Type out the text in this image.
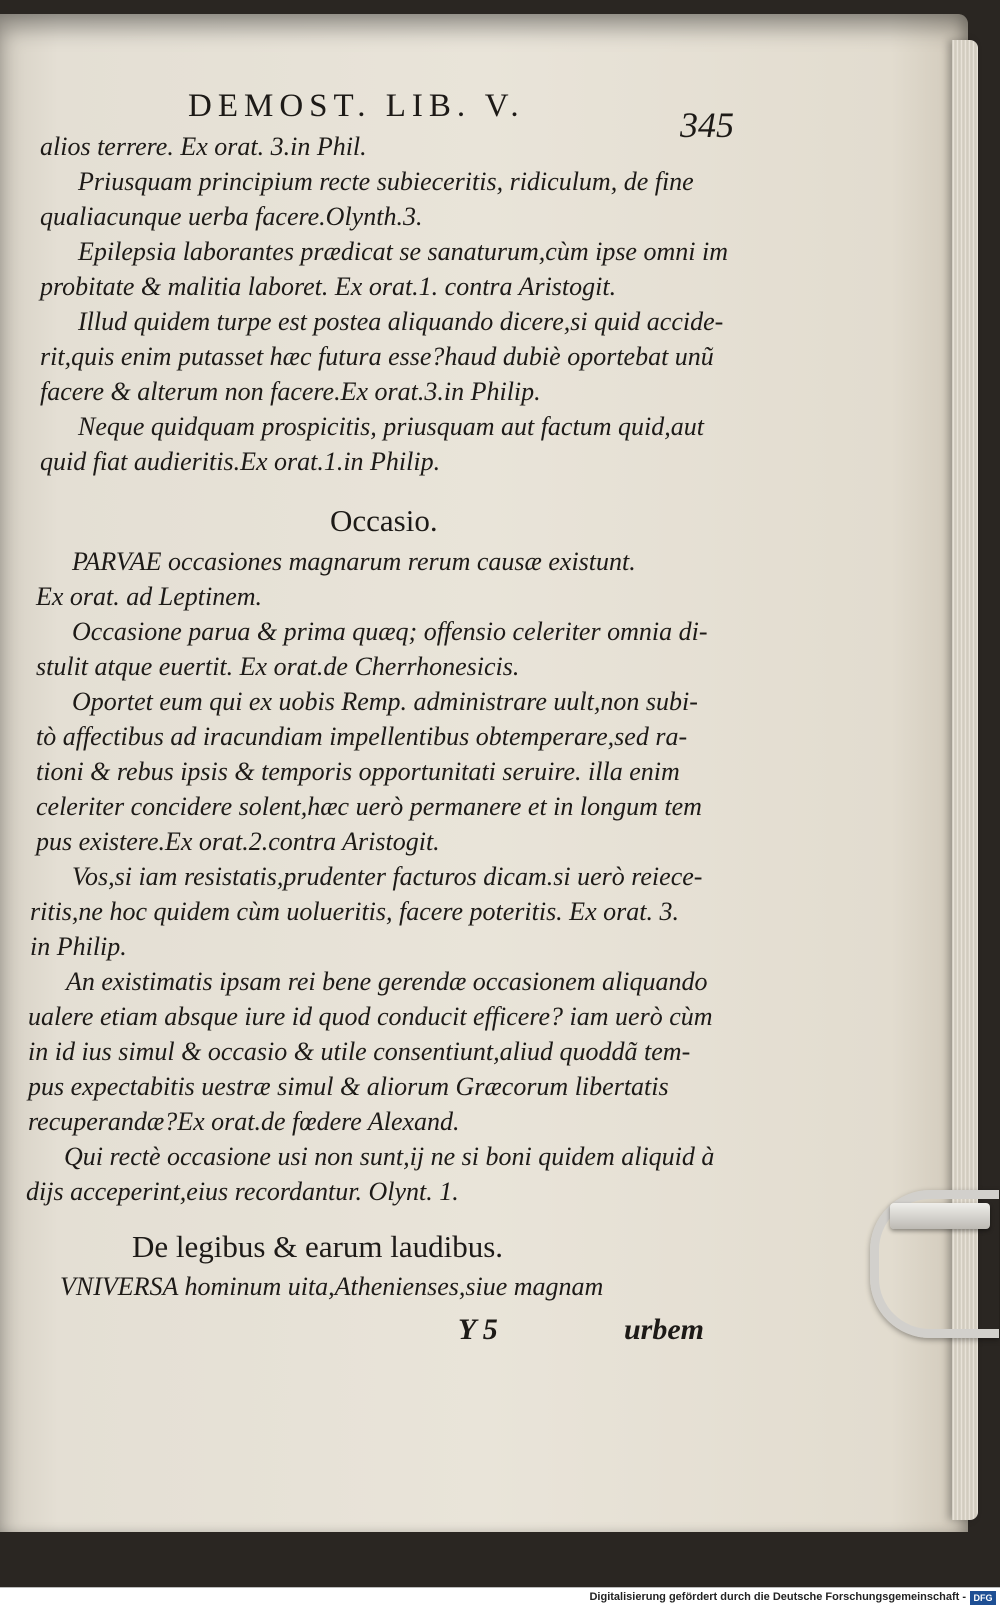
DEMOST. LIB. V.	345
alios terrere. Ex orat. 3.in Phil.
Priusquam principium recte subieceritis, ridiculum, de fine
qualiacunque uerba facere.Olynth.3.
Epilepsia laborantes prædicat se sanaturum,cùm ipse omni im
probitate & malitia laboret. Ex orat.1. contra Aristogit.
Illud quidem turpe est postea aliquando dicere,si quid accide-
rit,quis enim putasset hæc futura esse?haud dubiè oportebat unũ
facere & alterum non facere.Ex orat.3.in Philip.
Neque quidquam prospicitis, priusquam aut factum quid,aut
quid fiat audieritis.Ex orat.1.in Philip.
Occasio.
PARVAE occasiones magnarum rerum causæ existunt.
Ex orat. ad Leptinem.
Occasione parua & prima quæq; offensio celeriter omnia di-
stulit atque euertit. Ex orat.de Cherrhonesicis.
Oportet eum qui ex uobis Remp. administrare uult,non subi-
tò affectibus ad iracundiam impellentibus obtemperare,sed ra-
tioni & rebus ipsis & temporis opportunitati seruire. illa enim
celeriter concidere solent,hæc uerò permanere et in longum tem
pus existere.Ex orat.2.contra Aristogit.
Vos,si iam resistatis,prudenter facturos dicam.si uerò reiece-
ritis,ne hoc quidem cùm uolueritis, facere poteritis. Ex orat. 3.
in Philip.
An existimatis ipsam rei bene gerendæ occasionem aliquando
ualere etiam absque iure id quod conducit efficere? iam uerò cùm
in id ius simul & occasio & utile consentiunt,aliud quoddã tem-
pus expectabitis uestræ simul & aliorum Græcorum libertatis
recuperandæ?Ex orat.de fœdere Alexand.
Qui rectè occasione usi non sunt,ij ne si boni quidem aliquid à
dijs acceperint,eius recordantur. Olynt. 1.
De legibus & earum laudibus.
VNIVERSA hominum uita,Athenienses,siue magnam
Y 5	urbem
Digitalisierung gefördert durch die Deutsche Forschungsgemeinschaft - DFG
